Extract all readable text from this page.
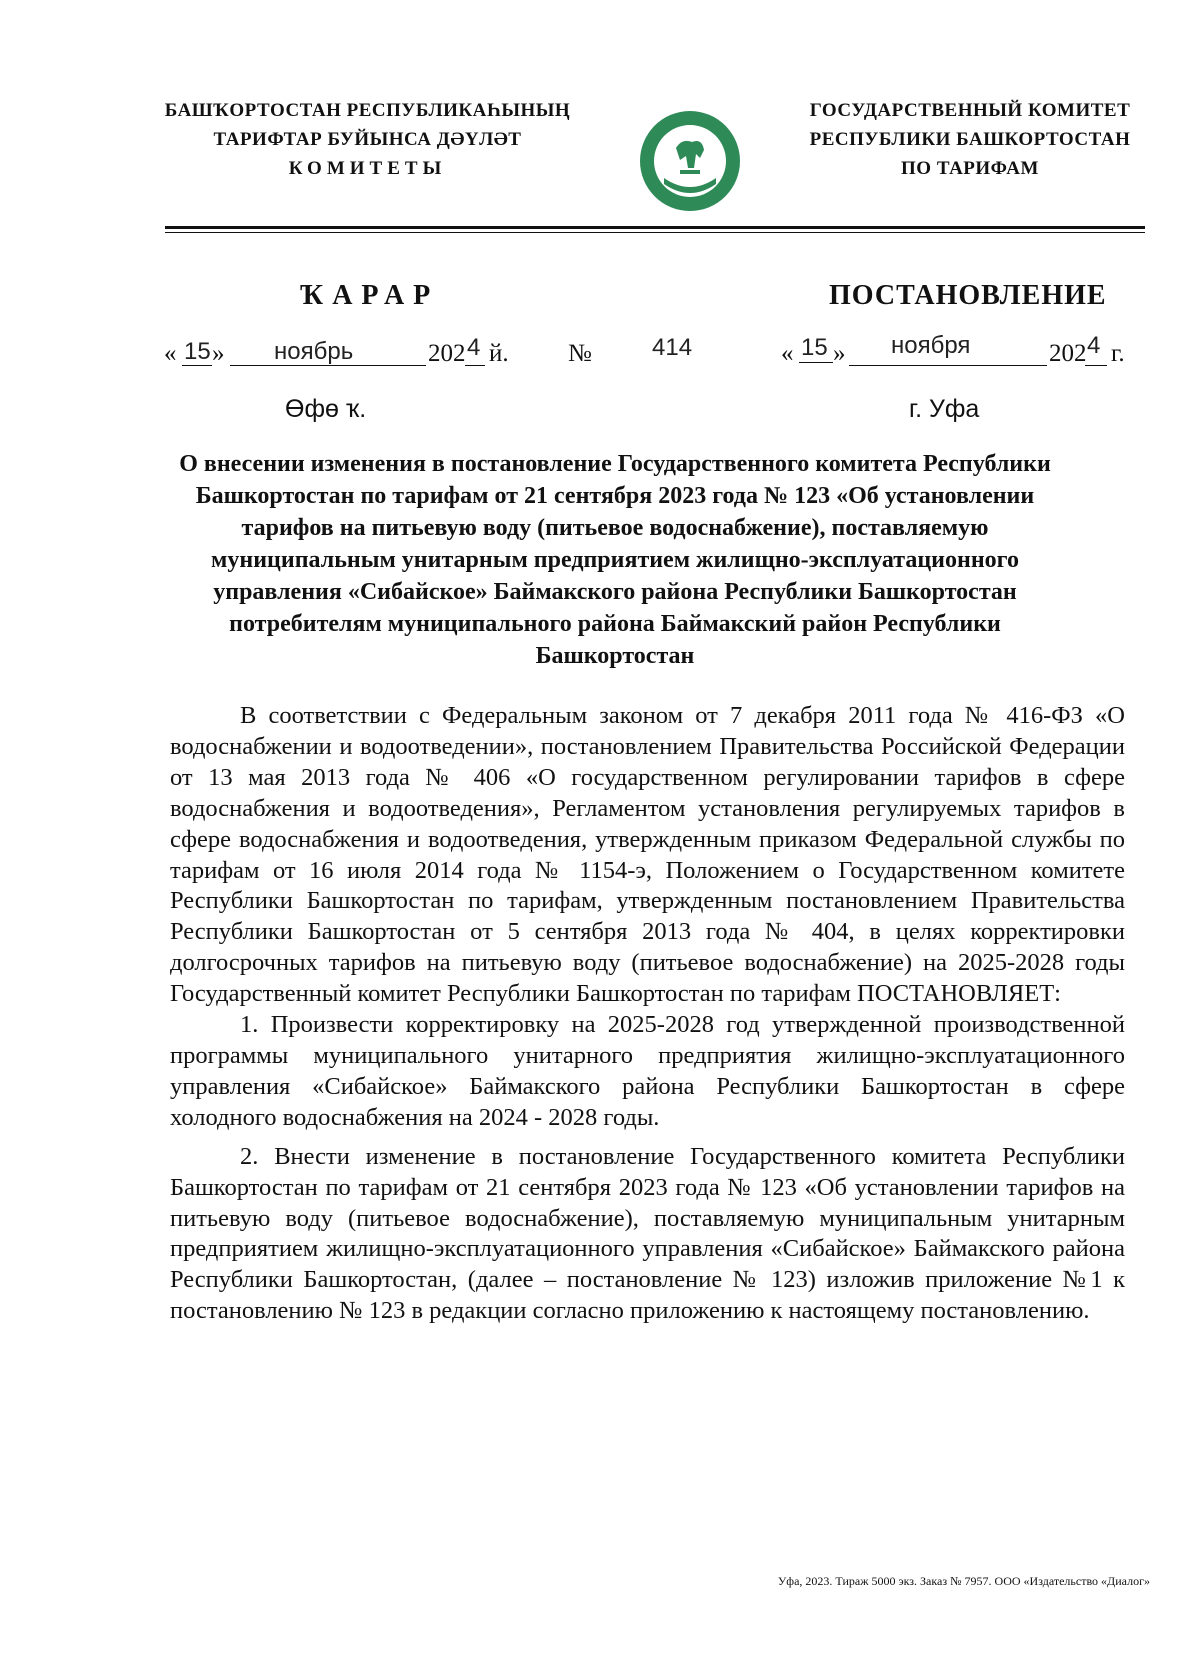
БАШҠОРТОСТАН РЕСПУБЛИКАҺЫНЫҢ
ТАРИФТАР БУЙЫНСА ДӘҮЛӘТ
КОМИТЕТЫ
ГОСУДАРСТВЕННЫЙ КОМИТЕТ
РЕСПУБЛИКИ БАШКОРТОСТАН
ПО ТАРИФАМ
ҠАРАР	ПОСТАНОВЛЕНИЕ
« 15 » ноябрь	202 4 й. №	414	« 15 » ноября	202 4 г.
Өфө ҡ.	г. Уфа
О внесении изменения в постановление Государственного комитета Республики Башкортостан по тарифам от 21 сентября 2023 года № 123 «Об установлении тарифов на питьевую воду (питьевое водоснабжение), поставляемую муниципальным унитарным предприятием жилищно-эксплуатационного управления «Сибайское» Баймакского района Республики Башкортостан потребителям муниципального района Баймакский район Республики Башкортостан

В соответствии с Федеральным законом от 7 декабря 2011 года № 416-ФЗ «О водоснабжении и водоотведении», постановлением Правительства Российской Федерации от 13 мая 2013 года № 406 «О государственном регулировании тарифов в сфере водоснабжения и водоотведения», Регламентом установления регулируемых тарифов в сфере водоснабжения и водоотведения, утвержденным приказом Федеральной службы по тарифам от 16 июля 2014 года № 1154-э, Положением о Государственном комитете Республики Башкортостан по тарифам, утвержденным постановлением Правительства Республики Башкортостан от 5 сентября 2013 года № 404, в целях корректировки долгосрочных тарифов на питьевую воду (питьевое водоснабжение) на 2025-2028 годы Государственный комитет Республики Башкортостан по тарифам ПОСТАНОВЛЯЕТ:

1. Произвести корректировку на 2025-2028 год утвержденной производственной программы муниципального унитарного предприятия жилищно-эксплуатационного управления «Сибайское» Баймакского района Республики Башкортостан в сфере холодного водоснабжения на 2024 - 2028 годы.

2. Внести изменение в постановление Государственного комитета Республики Башкортостан по тарифам от 21 сентября 2023 года № 123 «Об установлении тарифов на питьевую воду (питьевое водоснабжение), поставляемую муниципальным унитарным предприятием жилищно-эксплуатационного управления «Сибайское» Баймакского района Республики Башкортостан, (далее – постановление № 123) изложив приложение №1 к постановлению № 123 в редакции согласно приложению к настоящему постановлению.

Уфа, 2023. Тираж 5000 экз. Заказ № 7957. ООО «Издательство «Диалог»
